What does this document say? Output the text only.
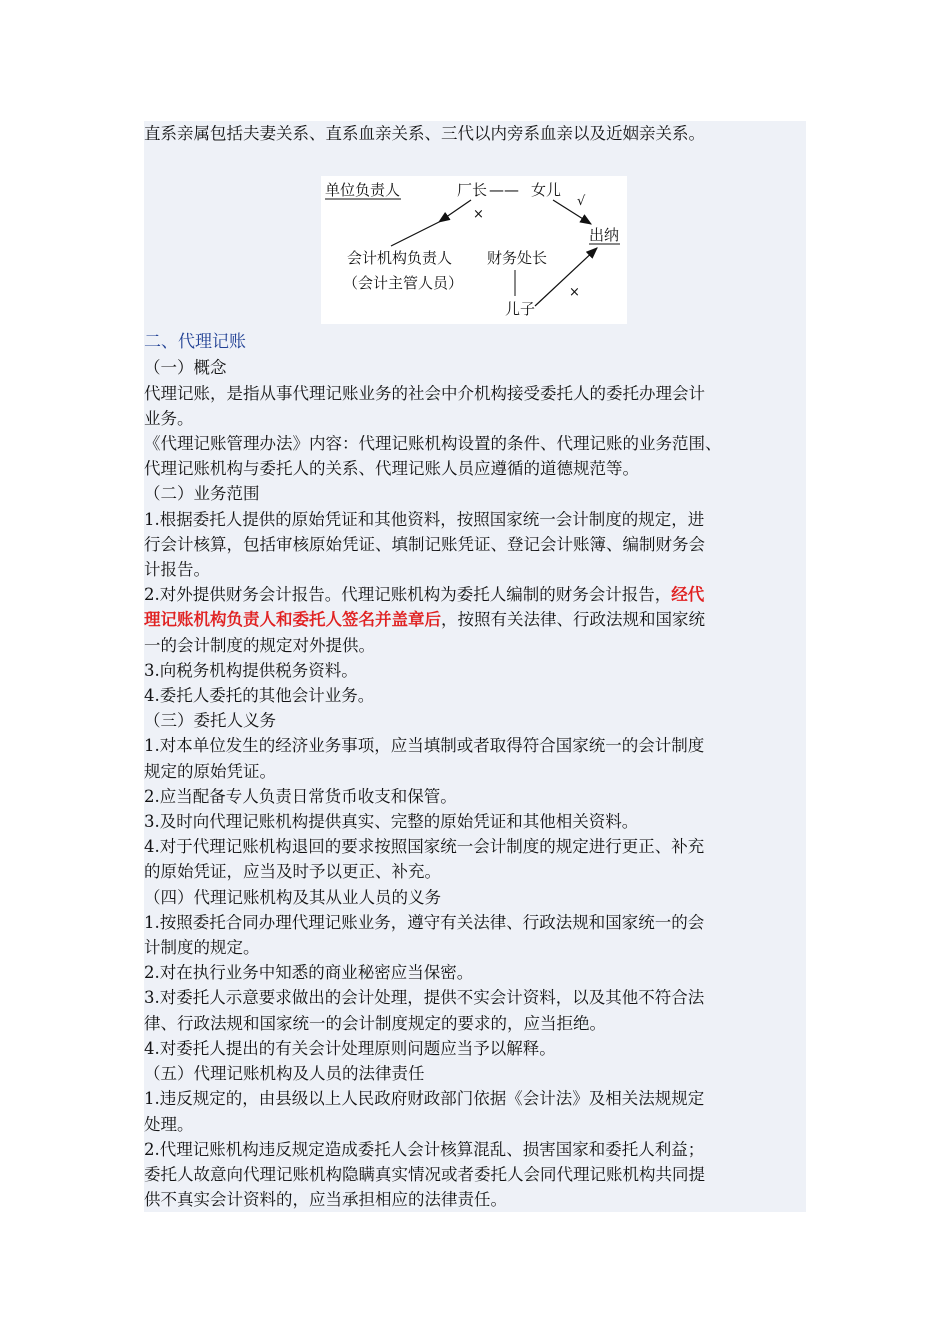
直系亲属包括夫妻关系、直系血亲关系、三代以内旁系血亲以及近姻亲关系。
单位负责人	厂长 —— 女儿
出纳
会计机构负责人
（会计主管人员）
财务处长
儿子
×
√
×
二、代理记账
（一）概念
代理记账，是指从事代理记账业务的社会中介机构接受委托人的委托办理会计
业务。
《代理记账管理办法》内容：代理记账机构设置的条件、代理记账的业务范围、
代理记账机构与委托人的关系、代理记账人员应遵循的道德规范等。
（二）业务范围
1.根据委托人提供的原始凭证和其他资料，按照国家统一会计制度的规定，进
行会计核算，包括审核原始凭证、填制记账凭证、登记会计账簿、编制财务会
计报告。
2.对外提供财务会计报告。代理记账机构为委托人编制的财务会计报告，经代
理记账机构负责人和委托人签名并盖章后，按照有关法律、行政法规和国家统
一的会计制度的规定对外提供。
3.向税务机构提供税务资料。
4.委托人委托的其他会计业务。
（三）委托人义务
1.对本单位发生的经济业务事项，应当填制或者取得符合国家统一的会计制度
规定的原始凭证。
2.应当配备专人负责日常货币收支和保管。
3.及时向代理记账机构提供真实、完整的原始凭证和其他相关资料。
4.对于代理记账机构退回的要求按照国家统一会计制度的规定进行更正、补充
的原始凭证，应当及时予以更正、补充。
（四）代理记账机构及其从业人员的义务
1.按照委托合同办理代理记账业务，遵守有关法律、行政法规和国家统一的会
计制度的规定。
2.对在执行业务中知悉的商业秘密应当保密。
3.对委托人示意要求做出的会计处理，提供不实会计资料，以及其他不符合法
律、行政法规和国家统一的会计制度规定的要求的，应当拒绝。
4.对委托人提出的有关会计处理原则问题应当予以解释。
（五）代理记账机构及人员的法律责任
1.违反规定的，由县级以上人民政府财政部门依据《会计法》及相关法规规定
处理。
2.代理记账机构违反规定造成委托人会计核算混乱、损害国家和委托人利益；
委托人故意向代理记账机构隐瞒真实情况或者委托人会同代理记账机构共同提
供不真实会计资料的，应当承担相应的法律责任。
